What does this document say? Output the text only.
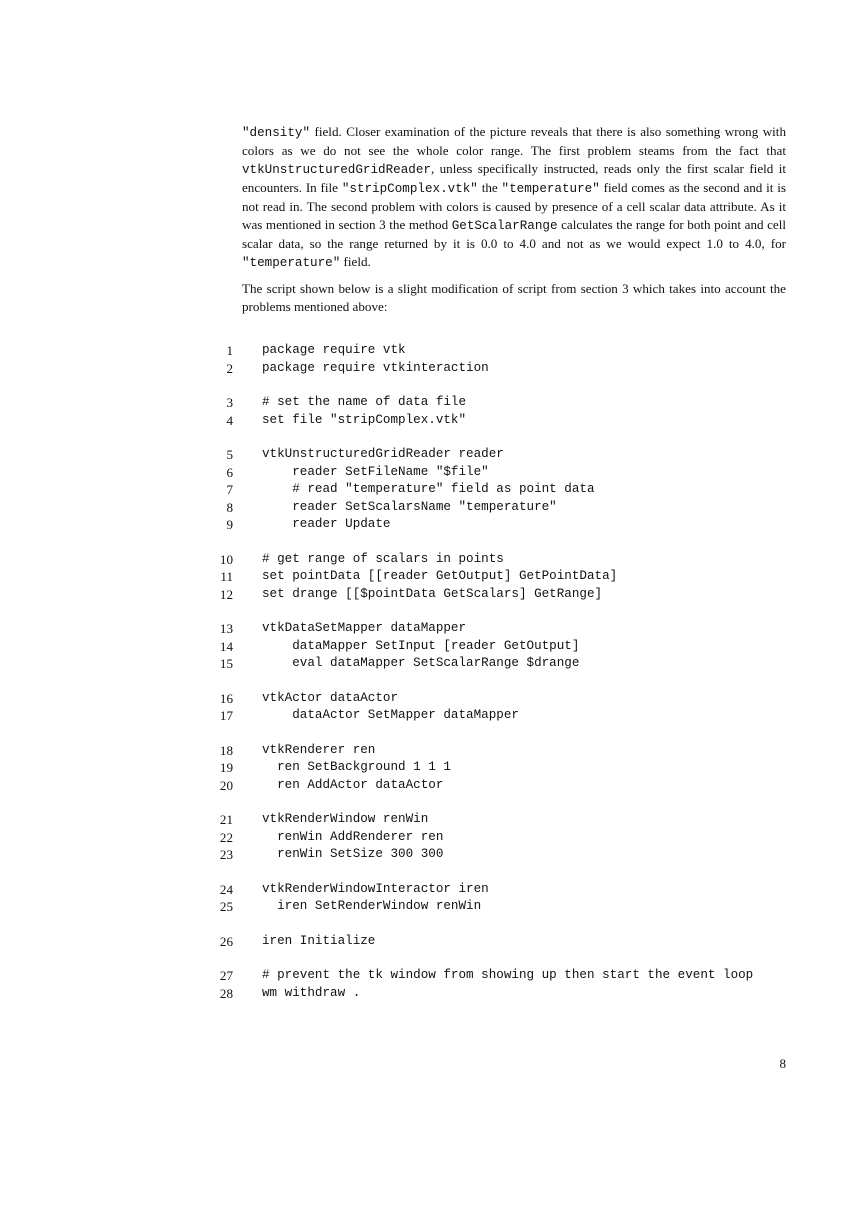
"density" field. Closer examination of the picture reveals that there is also something wrong with colors as we do not see the whole color range. The first problem steams from the fact that vtkUnstructuredGridReader, unless specifically instructed, reads only the first scalar field it encounters. In file "stripComplex.vtk" the "temperature" field comes as the second and it is not read in. The second problem with colors is caused by presence of a cell scalar data attribute. As it was mentioned in section 3 the method GetScalarRange calculates the range for both point and cell scalar data, so the range returned by it is 0.0 to 4.0 and not as we would expect 1.0 to 4.0, for "temperature" field.

The script shown below is a slight modification of script from section 3 which takes into account the problems mentioned above:

1 package require vtk
2 package require vtkinteraction
3 # set the name of data file
4 set file "stripComplex.vtk"
5 vtkUnstructuredGridReader reader
6 reader SetFileName "$file"
7 # read "temperature" field as point data
8 reader SetScalarsName "temperature"
9 reader Update
10 # get range of scalars in points
11 set pointData [[reader GetOutput] GetPointData]
12 set drange [[$pointData GetScalars] GetRange]
13 vtkDataSetMapper dataMapper
14 dataMapper SetInput [reader GetOutput]
15 eval dataMapper SetScalarRange $drange
16 vtkActor dataActor
17 dataActor SetMapper dataMapper
18 vtkRenderer ren
19 ren SetBackground 1 1 1
20 ren AddActor dataActor
21 vtkRenderWindow renWin
22 renWin AddRenderer ren
23 renWin SetSize 300 300
24 vtkRenderWindowInteractor iren
25 iren SetRenderWindow renWin
26 iren Initialize
27 # prevent the tk window from showing up then start the event loop
28 wm withdraw .
8
